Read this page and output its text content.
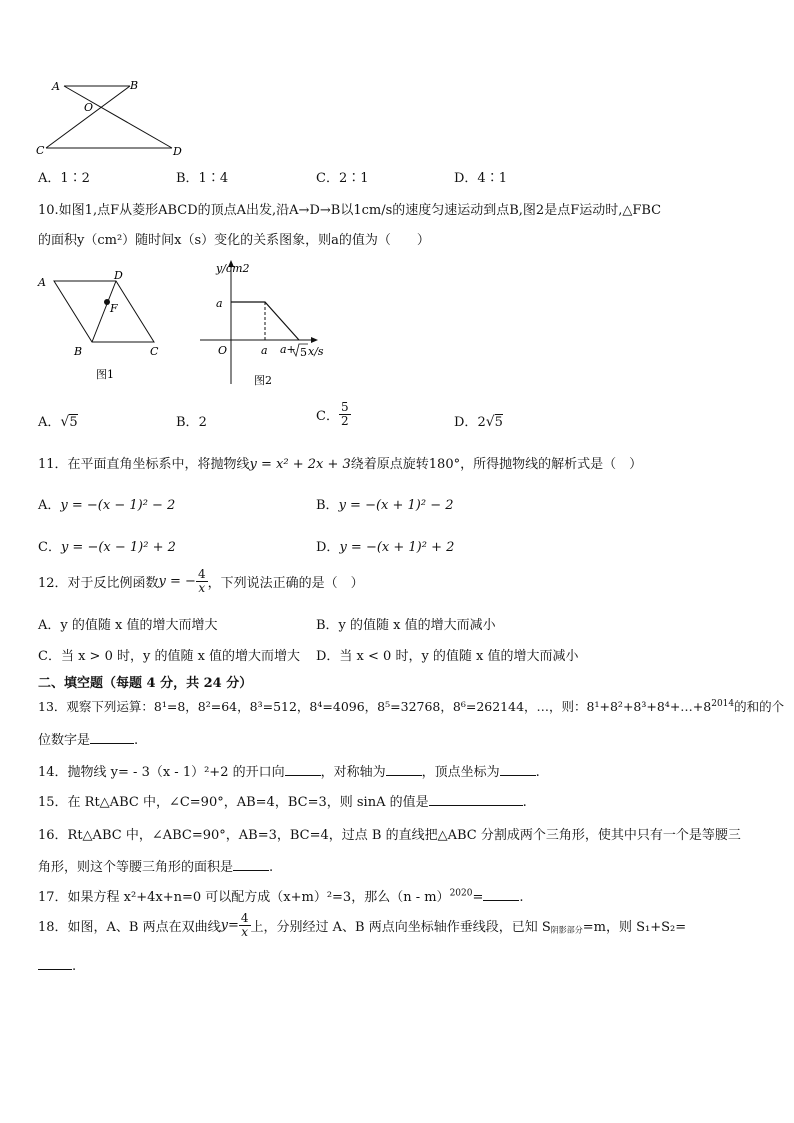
A	B
O
C	D
A．1∶2	B．1∶4	C．2∶1	D．4∶1
10.如图1,点F从菱形ABCD的顶点A出发,沿A→D→B以1cm/s的速度匀速运动到点B,图2是点F运动时,△FBC
的面积y（cm²）随时间x（s）变化的关系图象，则a的值为（　　）
A
D
F
B	C
图1
y/cm2
a
O	a a+ 5 x/s
图2
A．√5	B．2	C． $\frac{5}{2}$	D．2√5
11．在平面直角坐标系中，将抛物线y = x² + 2x + 3绕着原点旋转180°，所得抛物线的解析式是（　）
A．y = −(x − 1)² − 2	B．y = −(x + 1)² − 2
C．y = −(x − 1)² + 2	D．y = −(x + 1)² + 2
12．对于反比例函数y = − $\frac{4}{x}$ ，下列说法正确的是（　）
A．y 的值随 x 值的增大而增大	B．y 的值随 x 值的增大而减小
C．当 x > 0 时，y 的值随 x 值的增大而增大 D．当 x < 0 时，y 的值随 x 值的增大而减小
二、填空题（每题 4 分，共 24 分）
13．观察下列运算：8¹=8，8²=64，8³=512，8⁴=4096，8⁵=32768，8⁶=262144，…，则：$8^1+8^2+8^3+8^4+\dots+8^{2014}$的和的个
位数字是	.
14．抛物线 y= - 3（x - 1）²+2 的开口向	，对称轴为	，顶点坐标为	.
15．在 Rt△ABC 中，∠C=90°，AB=4，BC=3，则 sinA 的值是	.
16．Rt△ABC 中，∠ABC=90°，AB=3，BC=4，过点 B 的直线把△ABC 分割成两个三角形，使其中只有一个是等腰三
角形，则这个等腰三角形的面积是	.
17．如果方程 x²+4x+n=0 可以配方成（x+m）²=3，那么（n - m）$^{2020}$=	.
18．如图，A、B 两点在双曲线$y= \frac{4}{x}$ 上，分别经过 A、B 两点向坐标轴作垂线段，已知 $S_{阴影部分}=m$，则 S₁+S₂=
.
